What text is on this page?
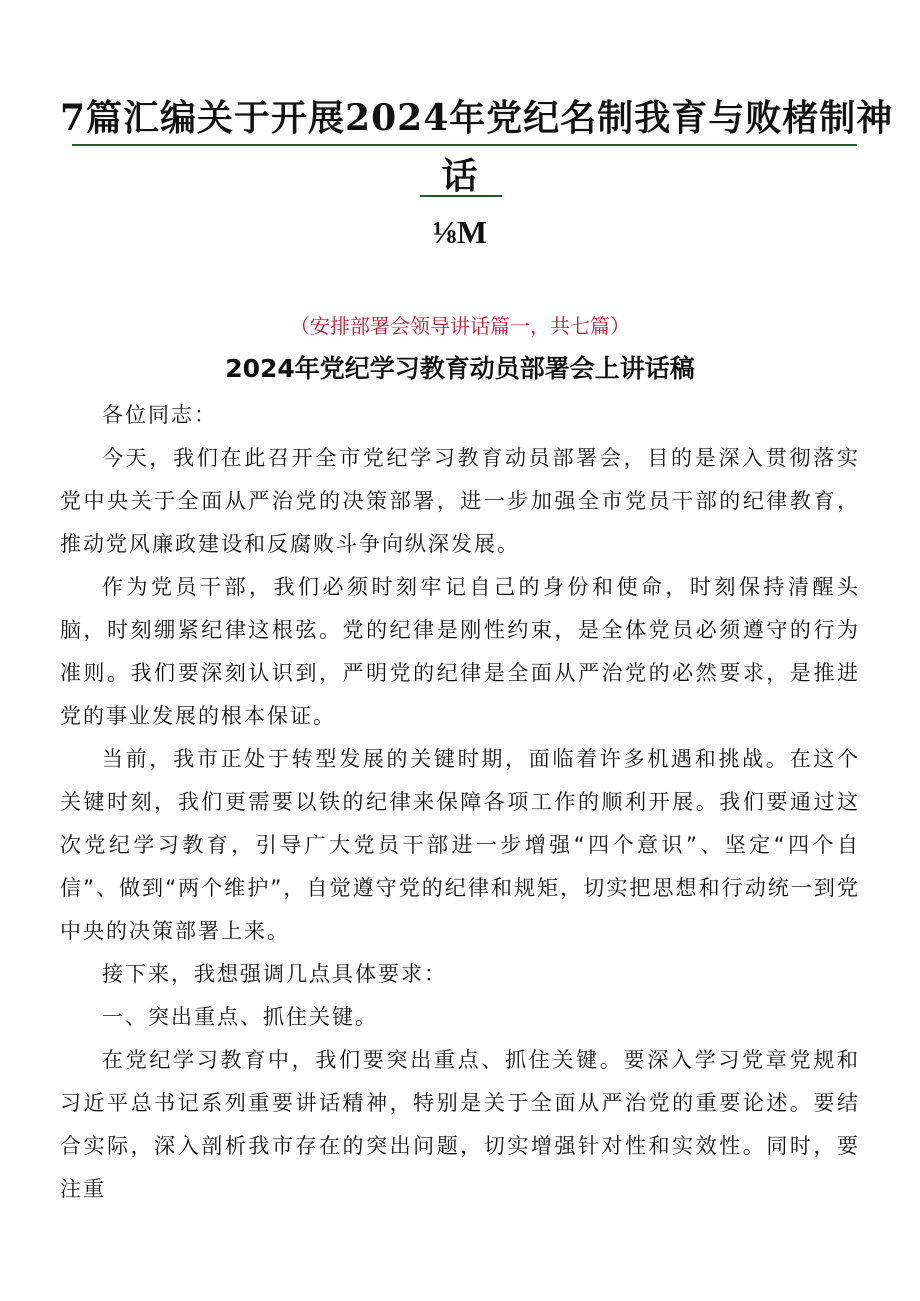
7篇汇编关于开展2024年党纪名制我育与败楮制神
话

⅛M

（安排部署会领导讲话篇一，共七篇）

2024年党纪学习教育动员部署会上讲话稿

各位同志：

今天，我们在此召开全市党纪学习教育动员部署会，目的是深入贯彻落实党中央关于全面从严治党的决策部署，进一步加强全市党员干部的纪律教育，推动党风廉政建设和反腐败斗争向纵深发展。

作为党员干部，我们必须时刻牢记自己的身份和使命，时刻保持清醒头脑，时刻绷紧纪律这根弦。党的纪律是刚性约束，是全体党员必须遵守的行为准则。我们要深刻认识到，严明党的纪律是全面从严治党的必然要求，是推进党的事业发展的根本保证。

当前，我市正处于转型发展的关键时期，面临着许多机遇和挑战。在这个关键时刻，我们更需要以铁的纪律来保障各项工作的顺利开展。我们要通过这次党纪学习教育，引导广大党员干部进一步增强“四个意识”、坚定“四个自信”、做到“两个维护”，自觉遵守党的纪律和规矩，切实把思想和行动统一到党中央的决策部署上来。

接下来，我想强调几点具体要求：

一、突出重点、抓住关键。

在党纪学习教育中，我们要突出重点、抓住关键。要深入学习党章党规和习近平总书记系列重要讲话精神，特别是关于全面从严治党的重要论述。要结合实际，深入剖析我市存在的突出问题，切实增强针对性和实效性。同时，要注重
